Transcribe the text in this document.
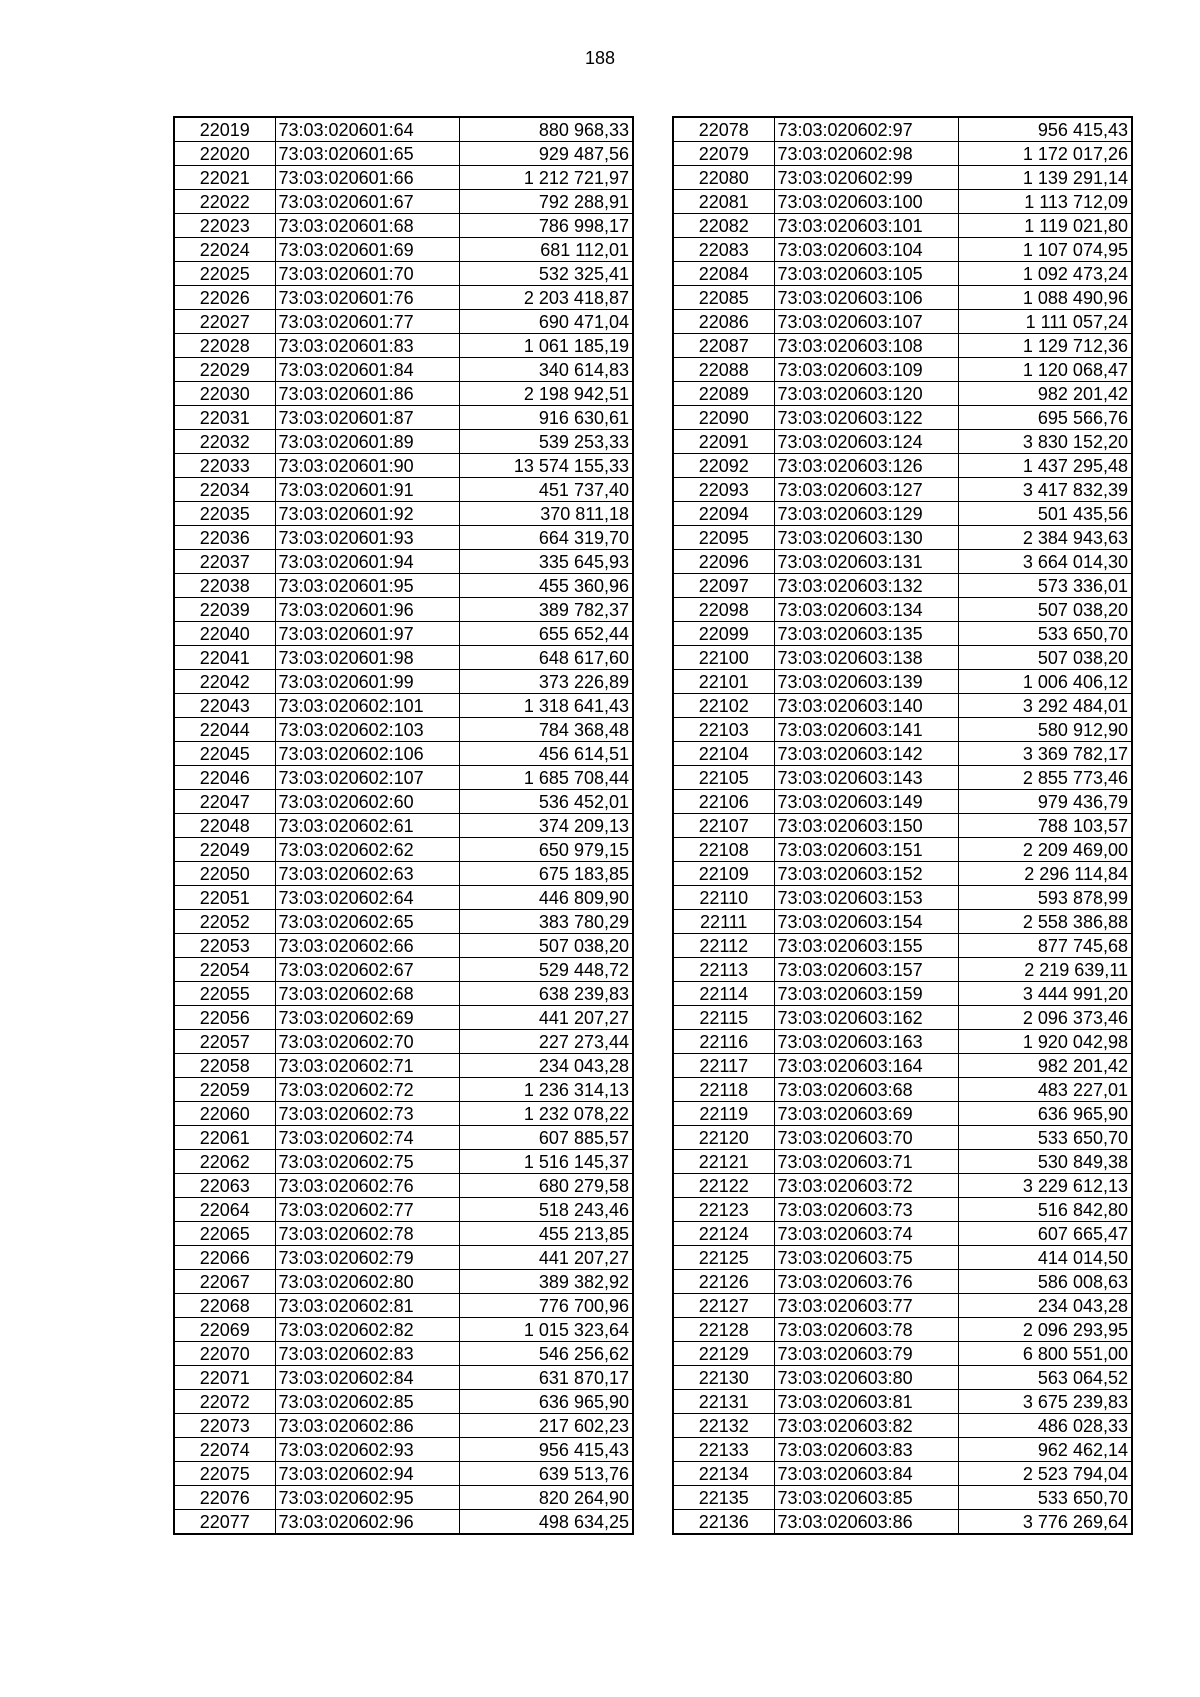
188
22019	73:03:020601:64	880 968,33
22020	73:03:020601:65	929 487,56
22021	73:03:020601:66	1 212 721,97
22022	73:03:020601:67	792 288,91
22023	73:03:020601:68	786 998,17
22024	73:03:020601:69	681 112,01
22025	73:03:020601:70	532 325,41
22026	73:03:020601:76	2 203 418,87
22027	73:03:020601:77	690 471,04
22028	73:03:020601:83	1 061 185,19
22029	73:03:020601:84	340 614,83
22030	73:03:020601:86	2 198 942,51
22031	73:03:020601:87	916 630,61
22032	73:03:020601:89	539 253,33
22033	73:03:020601:90	13 574 155,33
22034	73:03:020601:91	451 737,40
22035	73:03:020601:92	370 811,18
22036	73:03:020601:93	664 319,70
22037	73:03:020601:94	335 645,93
22038	73:03:020601:95	455 360,96
22039	73:03:020601:96	389 782,37
22040	73:03:020601:97	655 652,44
22041	73:03:020601:98	648 617,60
22042	73:03:020601:99	373 226,89
22043	73:03:020602:101	1 318 641,43
22044	73:03:020602:103	784 368,48
22045	73:03:020602:106	456 614,51
22046	73:03:020602:107	1 685 708,44
22047	73:03:020602:60	536 452,01
22048	73:03:020602:61	374 209,13
22049	73:03:020602:62	650 979,15
22050	73:03:020602:63	675 183,85
22051	73:03:020602:64	446 809,90
22052	73:03:020602:65	383 780,29
22053	73:03:020602:66	507 038,20
22054	73:03:020602:67	529 448,72
22055	73:03:020602:68	638 239,83
22056	73:03:020602:69	441 207,27
22057	73:03:020602:70	227 273,44
22058	73:03:020602:71	234 043,28
22059	73:03:020602:72	1 236 314,13
22060	73:03:020602:73	1 232 078,22
22061	73:03:020602:74	607 885,57
22062	73:03:020602:75	1 516 145,37
22063	73:03:020602:76	680 279,58
22064	73:03:020602:77	518 243,46
22065	73:03:020602:78	455 213,85
22066	73:03:020602:79	441 207,27
22067	73:03:020602:80	389 382,92
22068	73:03:020602:81	776 700,96
22069	73:03:020602:82	1 015 323,64
22070	73:03:020602:83	546 256,62
22071	73:03:020602:84	631 870,17
22072	73:03:020602:85	636 965,90
22073	73:03:020602:86	217 602,23
22074	73:03:020602:93	956 415,43
22075	73:03:020602:94	639 513,76
22076	73:03:020602:95	820 264,90
22077	73:03:020602:96	498 634,25
22078	73:03:020602:97	956 415,43
22079	73:03:020602:98	1 172 017,26
22080	73:03:020602:99	1 139 291,14
22081	73:03:020603:100	1 113 712,09
22082	73:03:020603:101	1 119 021,80
22083	73:03:020603:104	1 107 074,95
22084	73:03:020603:105	1 092 473,24
22085	73:03:020603:106	1 088 490,96
22086	73:03:020603:107	1 111 057,24
22087	73:03:020603:108	1 129 712,36
22088	73:03:020603:109	1 120 068,47
22089	73:03:020603:120	982 201,42
22090	73:03:020603:122	695 566,76
22091	73:03:020603:124	3 830 152,20
22092	73:03:020603:126	1 437 295,48
22093	73:03:020603:127	3 417 832,39
22094	73:03:020603:129	501 435,56
22095	73:03:020603:130	2 384 943,63
22096	73:03:020603:131	3 664 014,30
22097	73:03:020603:132	573 336,01
22098	73:03:020603:134	507 038,20
22099	73:03:020603:135	533 650,70
22100	73:03:020603:138	507 038,20
22101	73:03:020603:139	1 006 406,12
22102	73:03:020603:140	3 292 484,01
22103	73:03:020603:141	580 912,90
22104	73:03:020603:142	3 369 782,17
22105	73:03:020603:143	2 855 773,46
22106	73:03:020603:149	979 436,79
22107	73:03:020603:150	788 103,57
22108	73:03:020603:151	2 209 469,00
22109	73:03:020603:152	2 296 114,84
22110	73:03:020603:153	593 878,99
22111	73:03:020603:154	2 558 386,88
22112	73:03:020603:155	877 745,68
22113	73:03:020603:157	2 219 639,11
22114	73:03:020603:159	3 444 991,20
22115	73:03:020603:162	2 096 373,46
22116	73:03:020603:163	1 920 042,98
22117	73:03:020603:164	982 201,42
22118	73:03:020603:68	483 227,01
22119	73:03:020603:69	636 965,90
22120	73:03:020603:70	533 650,70
22121	73:03:020603:71	530 849,38
22122	73:03:020603:72	3 229 612,13
22123	73:03:020603:73	516 842,80
22124	73:03:020603:74	607 665,47
22125	73:03:020603:75	414 014,50
22126	73:03:020603:76	586 008,63
22127	73:03:020603:77	234 043,28
22128	73:03:020603:78	2 096 293,95
22129	73:03:020603:79	6 800 551,00
22130	73:03:020603:80	563 064,52
22131	73:03:020603:81	3 675 239,83
22132	73:03:020603:82	486 028,33
22133	73:03:020603:83	962 462,14
22134	73:03:020603:84	2 523 794,04
22135	73:03:020603:85	533 650,70
22136	73:03:020603:86	3 776 269,64
